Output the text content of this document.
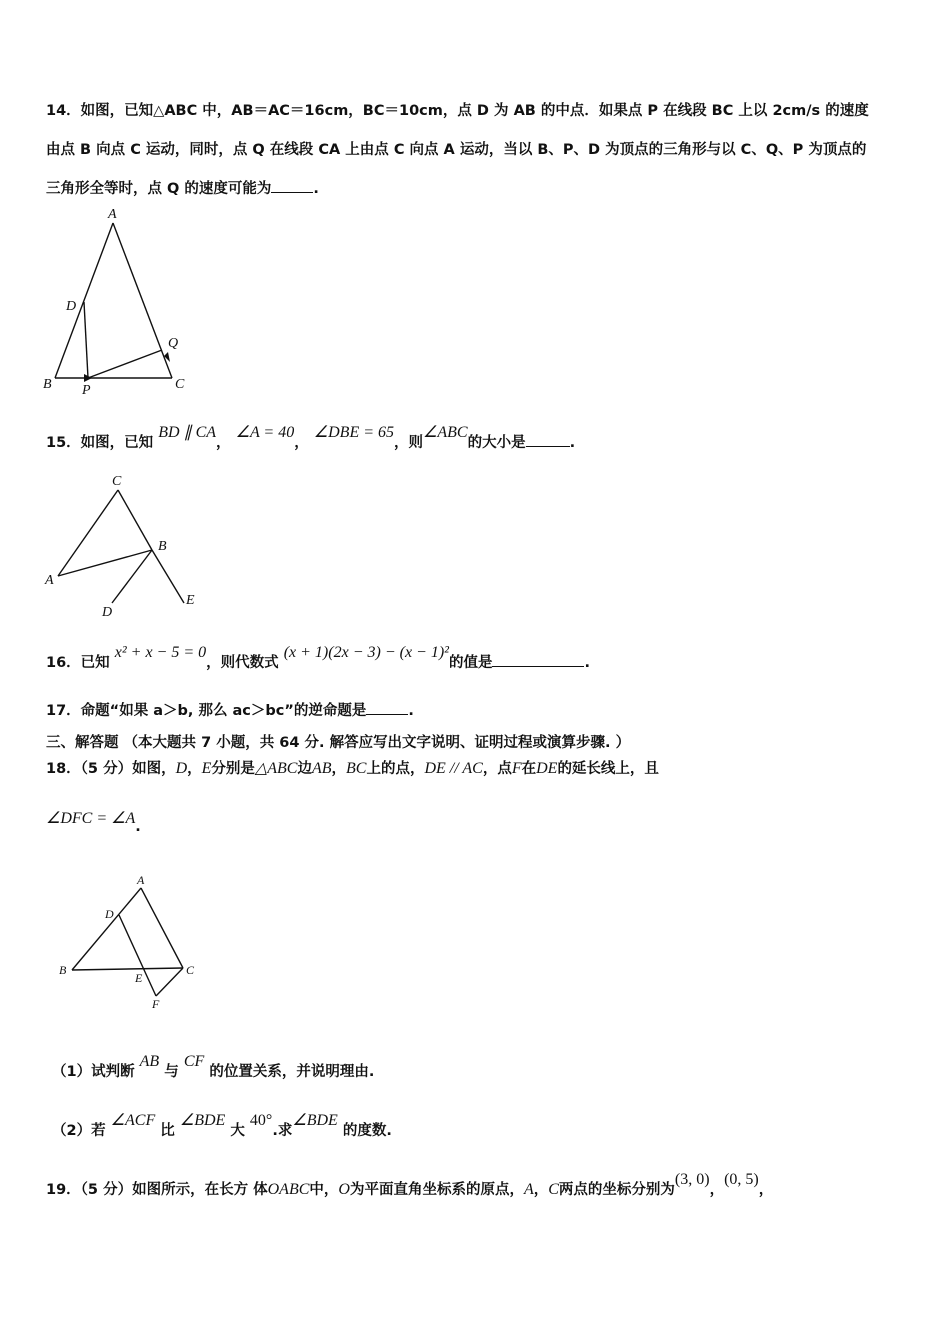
14．如图，已知△ABC 中，AB＝AC＝16cm，BC＝10cm，点 D 为 AB 的中点．如果点 P 在线段 BC 上以 2cm/s 的速度
由点 B 向点 C 运动，同时，点 Q 在线段 CA 上由点 C 向点 A 运动，当以 B、P、D 为顶点的三角形与以 C、Q、P 为顶点的
三角形全等时，点 Q 的速度可能为	.
A
D
Q
B P	C
15．如图，已知 BD ∥ CA， ∠A = 40， ∠DBE = 65，则∠ABC的大小是	.
C
B
A
D
E
16．已知 x² + x − 5 = 0，则代数式 (x + 1)(2x − 3) − (x − 1)²的值是	.
17．命题“如果 a＞b, 那么 ac＞bc”的逆命题是	.
三、解答题 （本大题共 7 小题，共 64 分. 解答应写出文字说明、证明过程或演算步骤. ）
18．（5 分）如图，D，E分别是△ABC边AB，BC上的点，DE // AC，点F在DE的延长线上，且
∠DFC = ∠A.
A
D
B
E
C
F
（1）试判断 AB 与 CF 的位置关系，并说明理由.
（2）若 ∠ACF 比 ∠BDE 大 40°.求∠BDE 的度数.
19．（5 分）如图所示，在长方 体OABC中，O为平面直角坐标系的原点，A，C两点的坐标分别为(3, 0)，(0, 5)，
